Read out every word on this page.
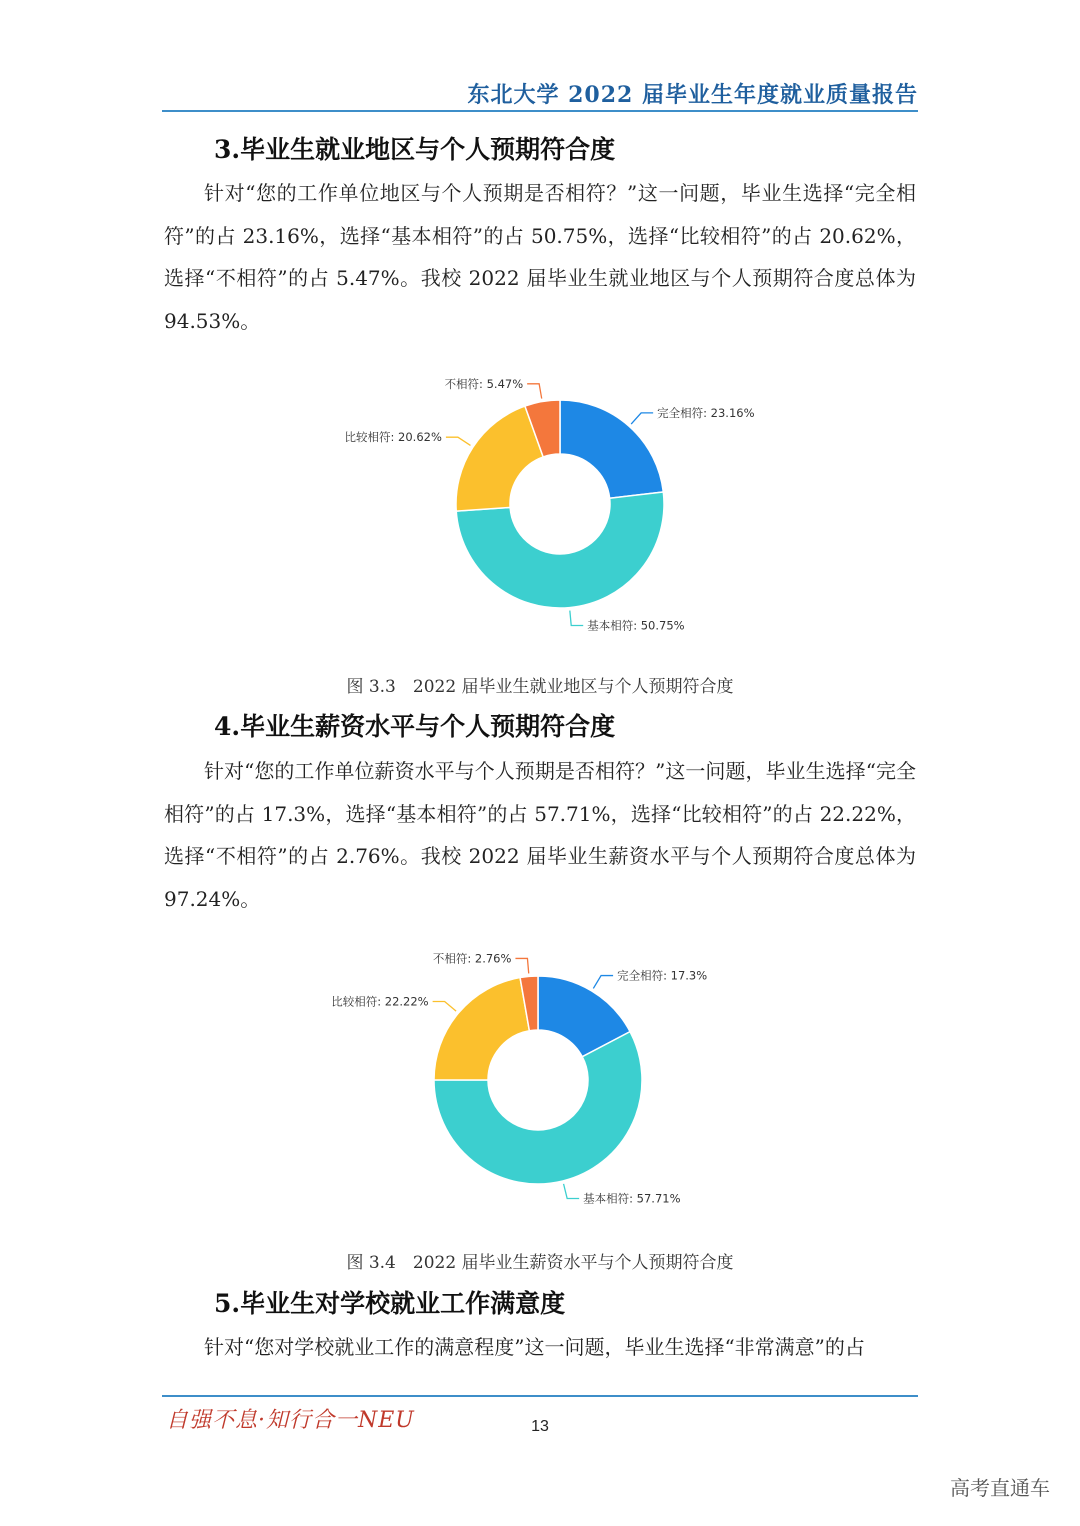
东北大学 2022 届毕业生年度就业质量报告
3.毕业生就业地区与个人预期符合度

针对“您的工作单位地区与个人预期是否相符？”这一问题，毕业生选择“完全相符”的占 23.16%，选择“基本相符”的占 50.75%，选择“比较相符”的占 20.62%，选择“不相符”的占 5.47%。我校 2022 届毕业生就业地区与个人预期符合度总体为 94.53%。

完全相符: 23.16%
基本相符: 50.75%
比较相符: 20.62%
不相符: 5.47%
图 3.3　2022 届毕业生就业地区与个人预期符合度
4.毕业生薪资水平与个人预期符合度

针对“您的工作单位薪资水平与个人预期是否相符？”这一问题，毕业生选择“完全相符”的占 17.3%，选择“基本相符”的占 57.71%，选择“比较相符”的占 22.22%，选择“不相符”的占 2.76%。我校 2022 届毕业生薪资水平与个人预期符合度总体为 97.24%。

完全相符: 17.3%
基本相符: 57.71%
比较相符: 22.22%
不相符: 2.76%
图 3.4　2022 届毕业生薪资水平与个人预期符合度
5.毕业生对学校就业工作满意度

针对“您对学校就业工作的满意程度”这一问题，毕业生选择“非常满意”的占

自强不息·知行合一NEU	13
高考直通车
